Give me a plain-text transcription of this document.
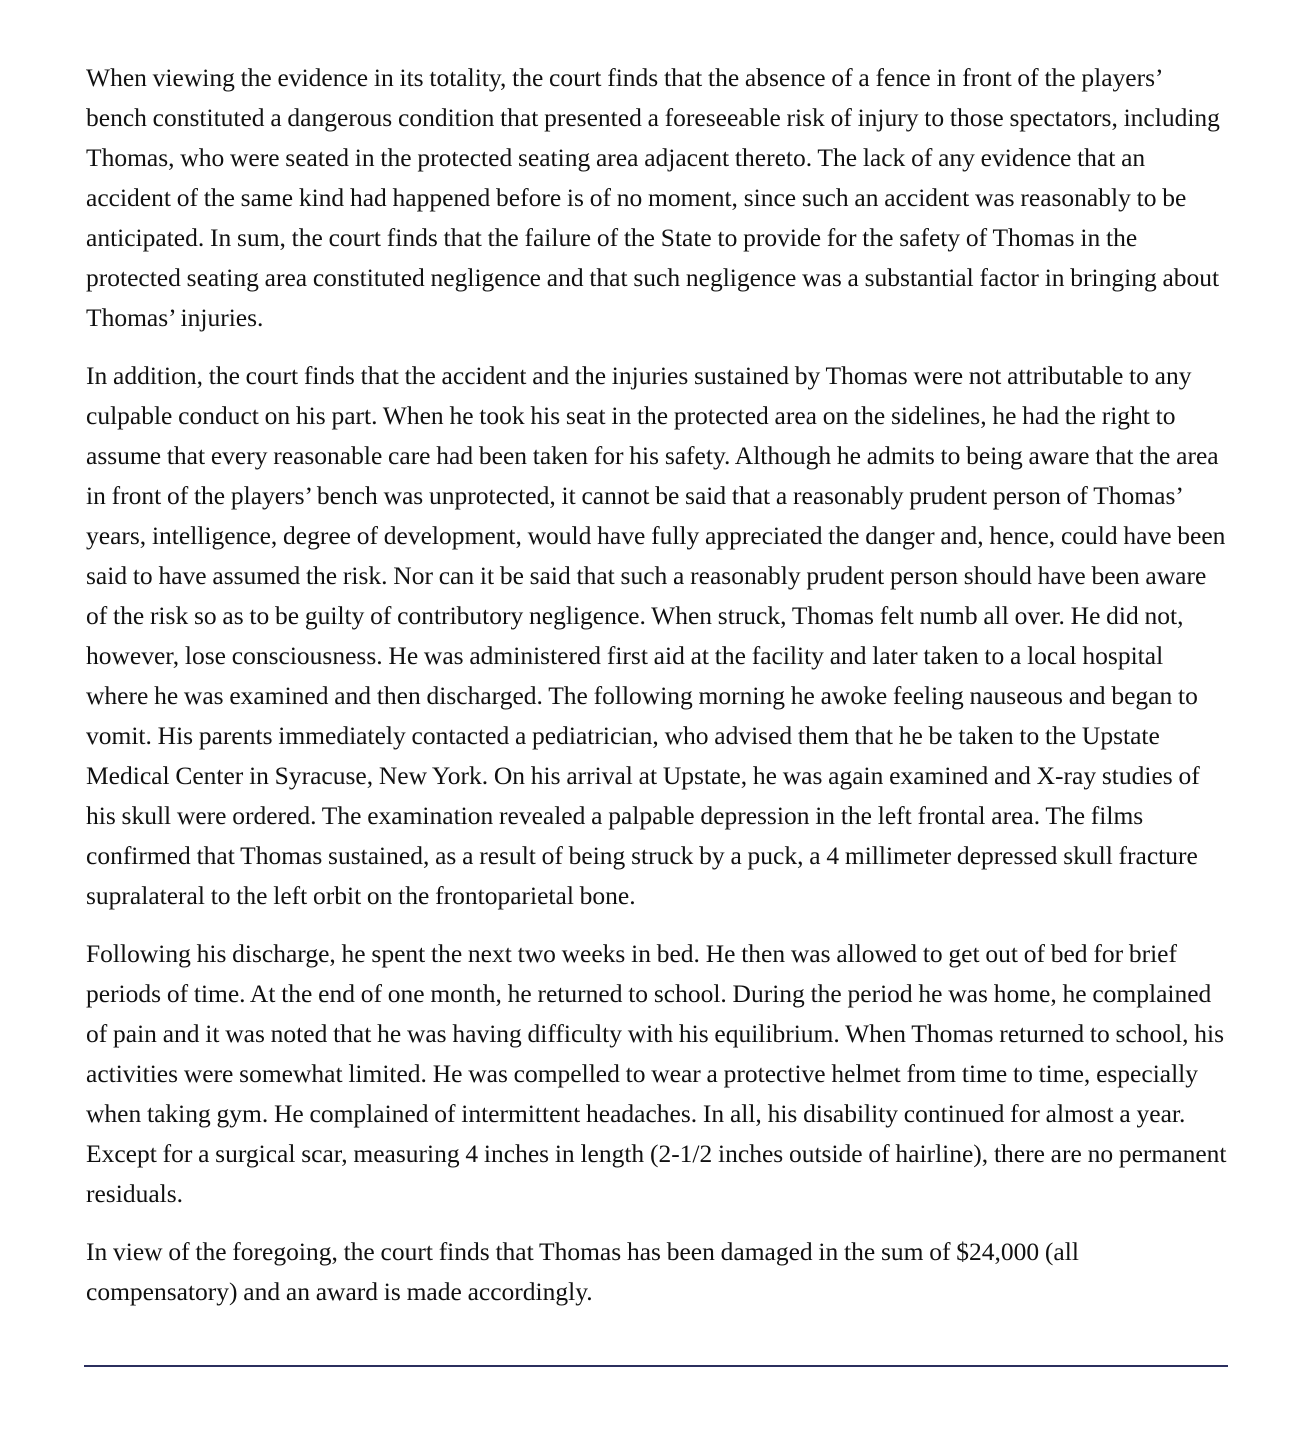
When viewing the evidence in its totality, the court finds that the absence of a fence in front of the players’ bench constituted a dangerous condition that presented a foreseeable risk of injury to those spectators, including Thomas, who were seated in the protected seating area adjacent thereto. The lack of any evidence that an accident of the same kind had happened before is of no moment, since such an accident was reasonably to be anticipated. In sum, the court finds that the failure of the State to provide for the safety of Thomas in the protected seating area constituted negligence and that such negligence was a substantial factor in bringing about Thomas’ injuries.

In addition, the court finds that the accident and the injuries sustained by Thomas were not attributable to any culpable conduct on his part. When he took his seat in the protected area on the sidelines, he had the right to assume that every reasonable care had been taken for his safety. Although he admits to being aware that the area in front of the players’ bench was unprotected, it cannot be said that a reasonably prudent person of Thomas’ years, intelligence, degree of development, would have fully appreciated the danger and, hence, could have been said to have assumed the risk. Nor can it be said that such a reasonably prudent person should have been aware of the risk so as to be guilty of contributory negligence. When struck, Thomas felt numb all over. He did not, however, lose consciousness. He was administered first aid at the facility and later taken to a local hospital where he was examined and then discharged. The following morning he awoke feeling nauseous and began to vomit. His parents immediately contacted a pediatrician, who advised them that he be taken to the Upstate Medical Center in Syracuse, New York. On his arrival at Upstate, he was again examined and X-ray studies of his skull were ordered. The examination revealed a palpable depression in the left frontal area. The films confirmed that Thomas sustained, as a result of being struck by a puck, a 4 millimeter depressed skull fracture supralateral to the left orbit on the frontoparietal bone.

Following his discharge, he spent the next two weeks in bed. He then was allowed to get out of bed for brief periods of time. At the end of one month, he returned to school. During the period he was home, he complained of pain and it was noted that he was having difficulty with his equilibrium. When Thomas returned to school, his activities were somewhat limited. He was compelled to wear a protective helmet from time to time, especially when taking gym. He complained of intermittent headaches. In all, his disability continued for almost a year. Except for a surgical scar, measuring 4 inches in length (2-1/2 inches outside of hairline), there are no permanent residuals.

In view of the foregoing, the court finds that Thomas has been damaged in the sum of $24,000 (all compensatory) and an award is made accordingly.
